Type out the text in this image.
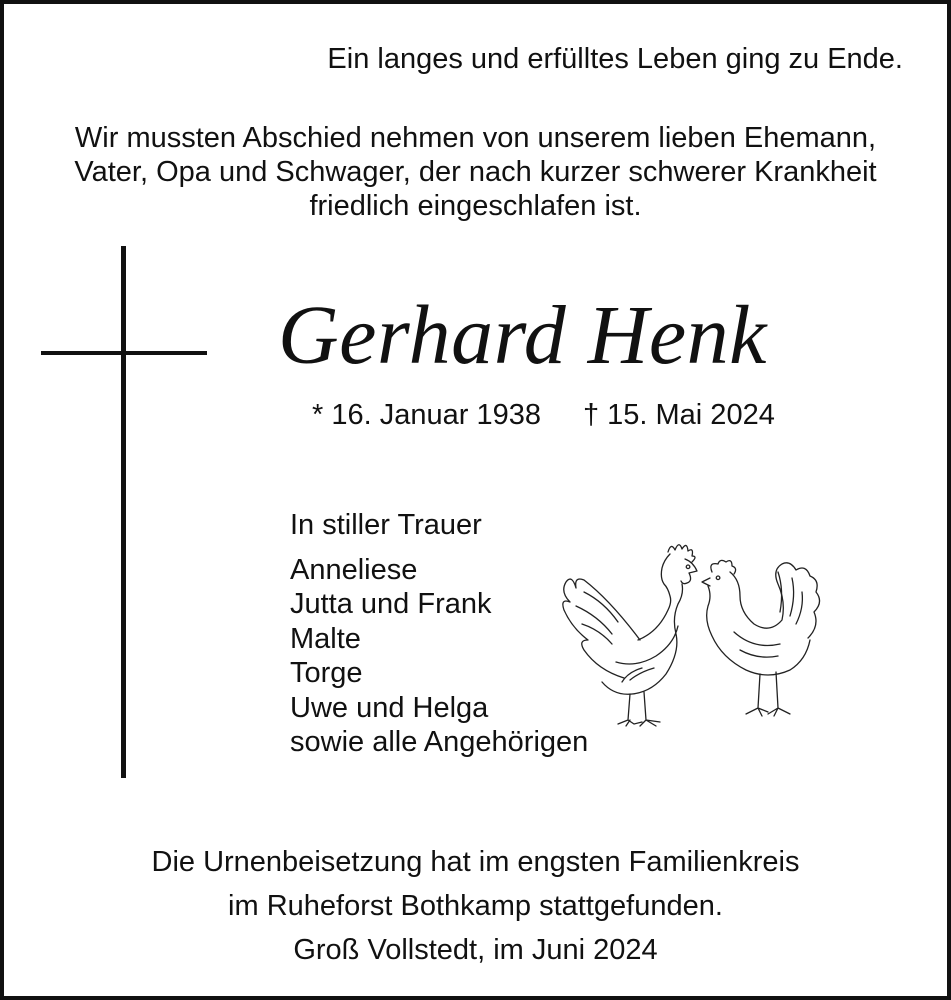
Ein langes und erfülltes Leben ging zu Ende.
Wir mussten Abschied nehmen von unserem lieben Ehemann,
Vater, Opa und Schwager, der nach kurzer schwerer Krankheit
friedlich eingeschlafen ist.
Gerhard Henk
* 16. Januar 1938 † 15. Mai 2024
In stiller Trauer
Anneliese
Jutta und Frank
Malte
Torge
Uwe und Helga
sowie alle Angehörigen
Die Urnenbeisetzung hat im engsten Familienkreis
im Ruheforst Bothkamp stattgefunden.
Groß Vollstedt, im Juni 2024
